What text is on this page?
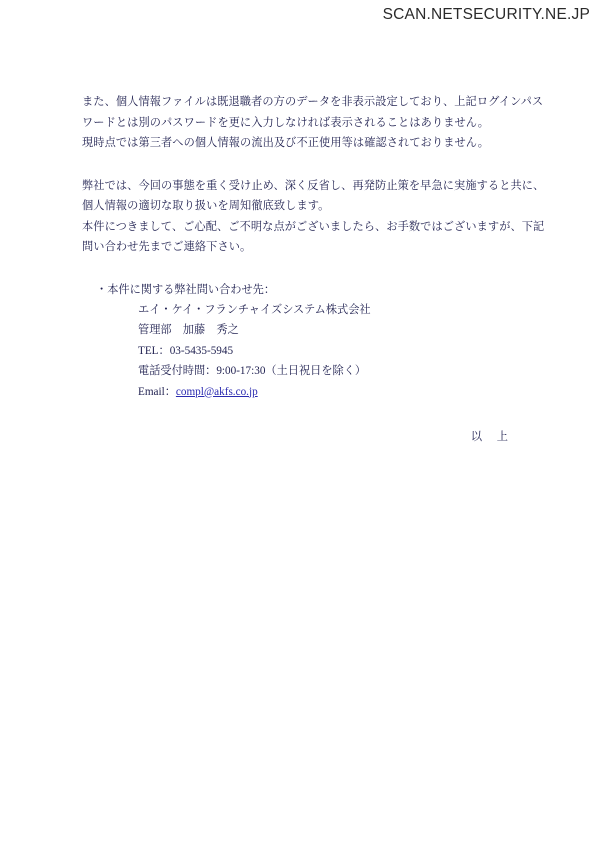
SCAN.NETSECURITY.NE.JP
また、個人情報ファイルは既退職者の方のデータを非表示設定しており、上記ログインパス
ワードとは別のパスワードを更に入力しなければ表示されることはありません。
現時点では第三者への個人情報の流出及び不正使用等は確認されておりません。
弊社では、今回の事態を重く受け止め、深く反省し、再発防止策を早急に実施すると共に、
個人情報の適切な取り扱いを周知徹底致します。
本件につきまして、ご心配、ご不明な点がございましたら、お手数ではございますが、下記
問い合わせ先までご連絡下さい。
・本件に関する弊社問い合わせ先：
エイ・ケイ・フランチャイズシステム株式会社
管理部　加藤　秀之
TEL：03-5435-5945
電話受付時間：9:00-17:30（土日祝日を除く）
Email：compl@akfs.co.jp
以 上
